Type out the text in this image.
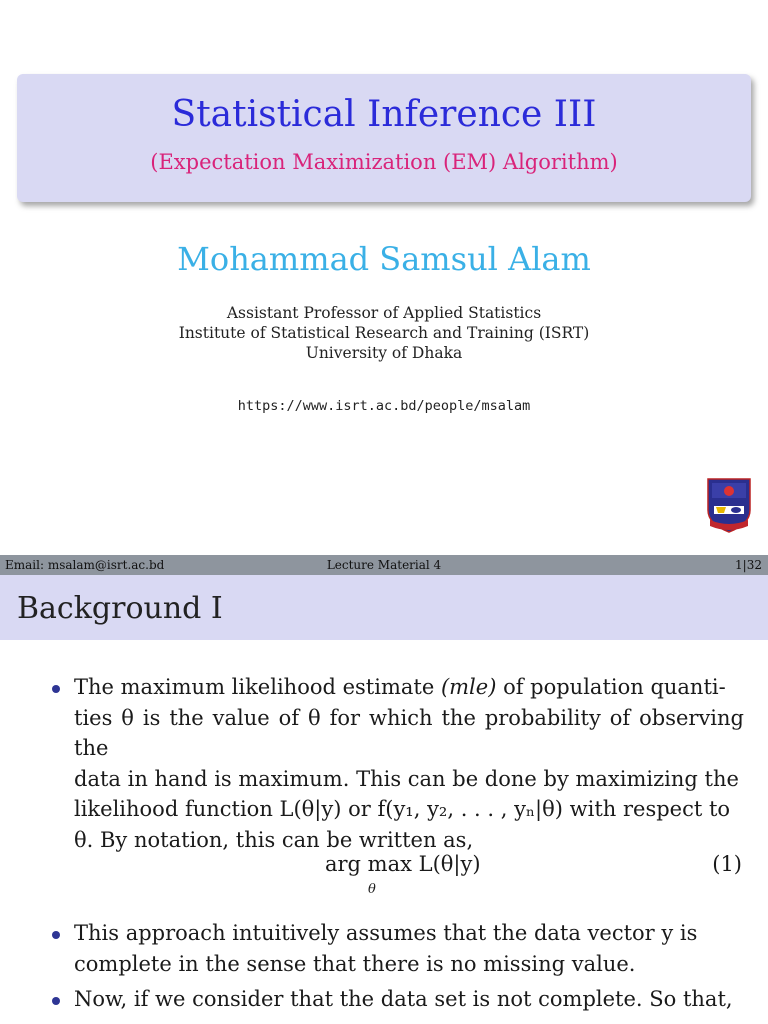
Statistical Inference III
(Expectation Maximization (EM) Algorithm)
Mohammad Samsul Alam
Assistant Professor of Applied Statistics
Institute of Statistical Research and Training (ISRT)
University of Dhaka
https://www.isrt.ac.bd/people/msalam
Email: msalam@isrt.ac.bd	Lecture Material 4	1|32
Background I
The maximum likelihood estimate (mle) of population quanti-
ties θ is the value of θ for which the probability of observing the
data in hand is maximum. This can be done by maximizing the
likelihood function L(θ|y) or f(y₁, y₂, . . . , yₙ|θ) with respect to
θ. By notation, this can be written as,
arg max L(θ|y)
θ
(1)
This approach intuitively assumes that the data vector y is
complete in the sense that there is no missing value.
Now, if we consider that the data set is not complete. So that,
